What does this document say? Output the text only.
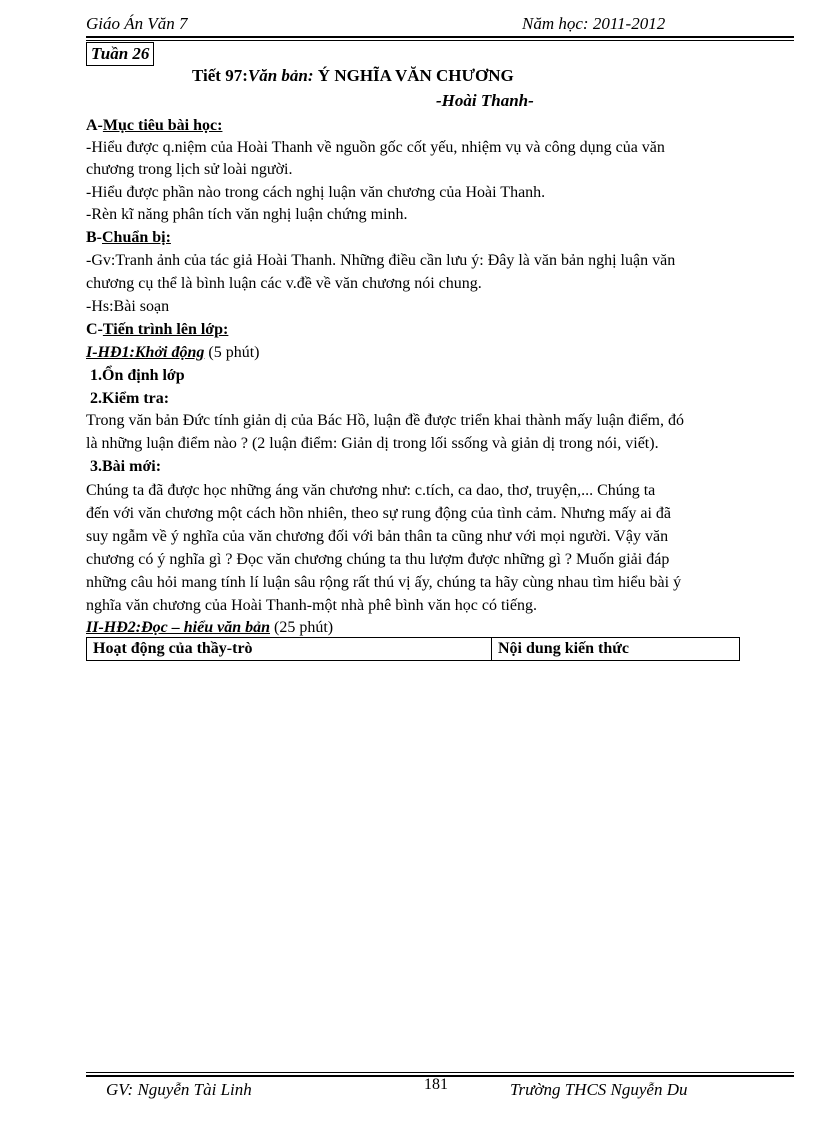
Giáo Án Văn 7	Năm học: 2011-2012
Tuần 26
Tiết 97:Văn bản: Ý NGHĨA VĂN CHƯƠNG
-Hoài Thanh-
A-Mục tiêu bài học:
-Hiểu được q.niệm của Hoài Thanh về nguồn gốc cốt yếu, nhiệm vụ và công dụng của văn
chương trong lịch sử loài người.
-Hiểu được phần nào trong cách nghị luận văn chương của Hoài Thanh.
-Rèn kĩ năng phân tích văn nghị luận chứng minh.
B-Chuẩn bị:
-Gv:Tranh ảnh của tác giả Hoài Thanh. Những điều cần lưu ý: Đây là văn bản nghị luận văn
chương cụ thể là bình luận các v.đề về văn chương nói chung.
-Hs:Bài soạn
C-Tiến trình lên lớp:
I-HĐ1:Khởi động (5 phút)
1.Ổn định lớp
2.Kiểm tra:
Trong văn bản Đức tính giản dị của Bác Hồ, luận đề được triển khai thành mấy luận điểm, đó
là những luận điểm nào ? (2 luận điểm: Giản dị trong lối ssống và giản dị trong nói, viết).
3.Bài mới:
Chúng ta đã được học những áng văn chương như: c.tích, ca dao, thơ, truyện,... Chúng ta
đến với văn chương một cách hồn nhiên, theo sự rung động của tình cảm. Nhưng mấy ai đã
suy ngẫm về ý nghĩa của văn chương đối với bản thân ta cũng như với mọi người. Vậy văn
chương có ý nghĩa gì ? Đọc văn chương chúng ta thu lượm được những gì ? Muốn giải đáp
những câu hỏi mang tính lí luận sâu rộng rất thú vị ấy, chúng ta hãy cùng nhau tìm hiểu bài ý
nghĩa văn chương của Hoài Thanh-một nhà phê bình văn học có tiếng.
II-HĐ2:Đọc – hiểu văn bản (25 phút)
Hoạt động của thầy-trò	Nội dung kiến thức
GV: Nguyễn Tài Linh	181	Trường THCS Nguyễn Du
